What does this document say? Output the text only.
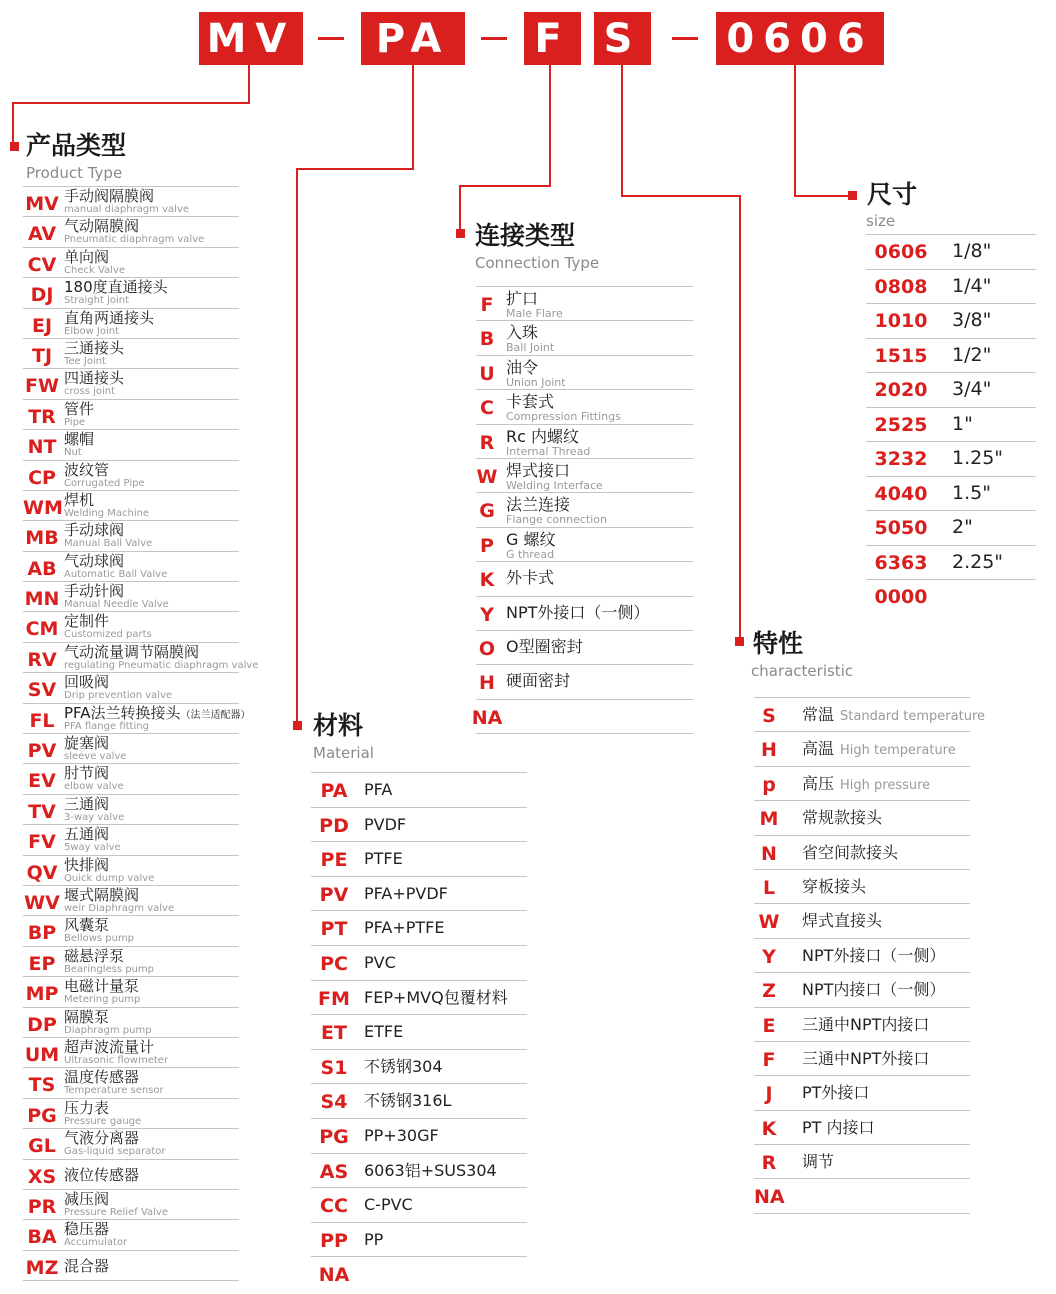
MV	PA	F S 0606
产品类型
Product Type
MV 手动阀隔膜阀
manual diaphragm valve
AV 气动隔膜阀
Pneumatic diaphragm valve
CV 单向阀
Check Valve
DJ 180度直通接头
Straight joint
EJ 直角两通接头
Elbow Joint
TJ 三通接头
Tee Joint
FW 四通接头
cross joint
TR 管件
Pipe
NT 螺帽
Nut
CP 波纹管
Corrugated Pipe
WM 焊机
Welding Machine
MB 手动球阀
Manual Ball Valve
AB 气动球阀
Automatic Ball Valve
MN 手动针阀
Manual Needle Valve
CM 定制件
Customized parts
RV 气动流量调节隔膜阀
regulating Pneumatic diaphragm valve
SV 回吸阀
Drip prevention valve
FL PFA法兰转换接头（法兰适配器）
PFA flange fitting
PV 旋塞阀
sleeve valve
EV 肘节阀
elbow valve
TV 三通阀
3-way valve
FV 五通阀
5way valve
QV 快排阀
Quick dump valve
WV 堰式隔膜阀
weir Diaphragm valve
BP 风囊泵
Bellows pump
EP 磁悬浮泵
Bearingless pump
MP 电磁计量泵
Metering pump
DP 隔膜泵
Diaphragm pump
UM 超声波流量计
Ultrasonic flowmeter
TS 温度传感器
Temperature sensor
PG 压力表
Pressure gauge
GL 气液分离器
Gas-liquid separator
XS 液位传感器
PR 减压阀
Pressure Relief Valve
BA 稳压器
Accumulator
MZ 混合器
材料
Material
PA	PFA
PD PVDF
PE	PTFE
PV PFA+PVDF
PT	PFA+PTFE
PC	PVC
FM FEP+MVQ包覆材料
ET	ETFE
S1	不锈钢304
S4	不锈钢316L
PG PP+30GF
AS 6063铝+SUS304
CC	C-PVC
PP	PP
NA
连接类型
Connection Type
F 扩口
Male Flare
B 入珠
Ball Joint
U 油令
Union Joint
C 卡套式
Compression Fittings
R Rc 内螺纹
Internal Thread
W 焊式接口
Welding Interface
G 法兰连接
Flange connection
P G 螺纹
G thread
K 外卡式
Y NPT外接口（一侧）
O O型圈密封
H 硬面密封
NA
尺寸
size
0606	1/8"
0808	1/4"
1010	3/8"
1515	1/2"
2020	3/4"
2525	1"
3232	1.25"
4040	1.5"
5050	2"
6363	2.25"
0000
特性
characteristic
S	常温 Standard temperature
H	高温 High temperature
p	高压 High pressure
M	常规款接头
N	省空间款接头
L	穿板接头
W 焊式直接头
Y	NPT外接口（一侧）
Z	NPT内接口（一侧）
E	三通中NPT内接口
F	三通中NPT外接口
J	PT外接口
K	PT 内接口
R	调节
NA
